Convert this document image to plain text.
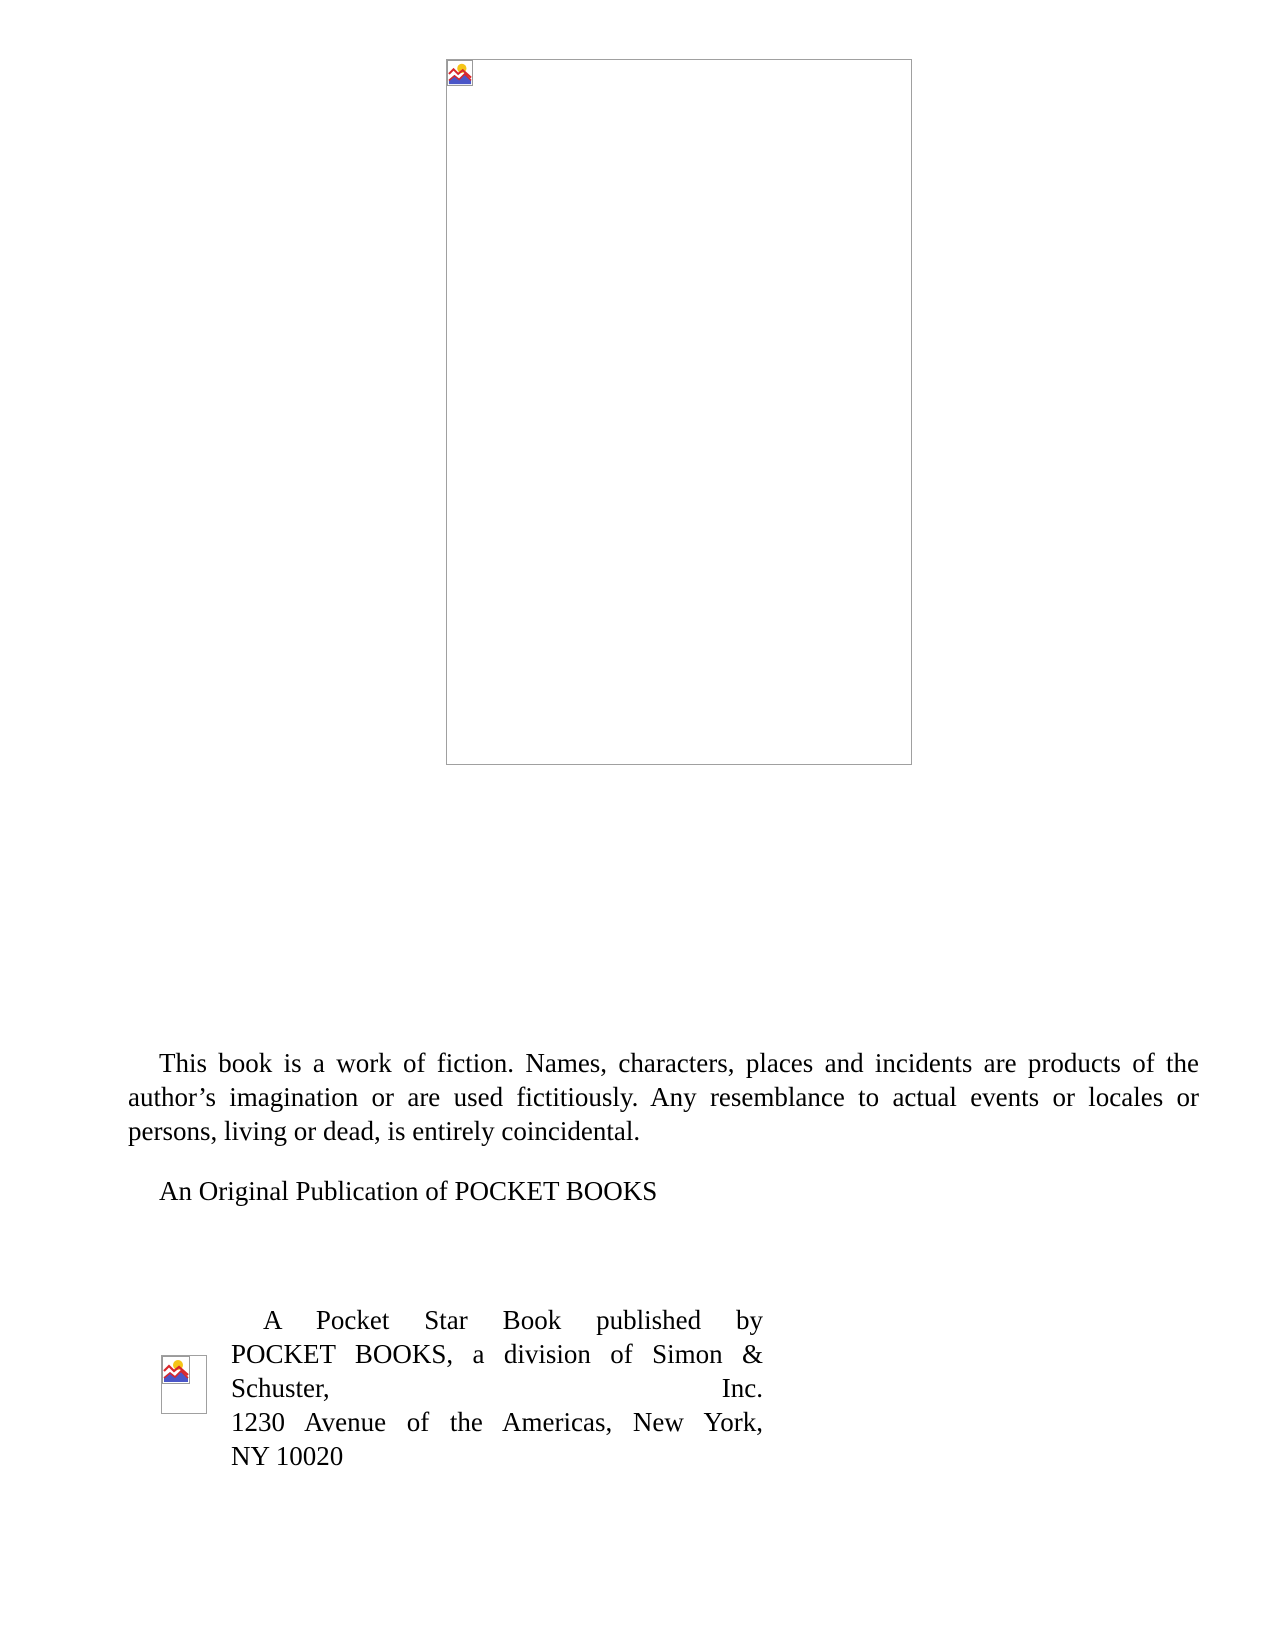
This book is a work of fiction. Names, characters, places and incidents are products of the author’s imagination or are used fictitiously. Any resemblance to actual events or locales or persons, living or dead, is entirely coincidental.

An Original Publication of POCKET BOOKS

A Pocket Star Book published by
POCKET BOOKS, a division of Simon &
Schuster, Inc.
1230 Avenue of the Americas, New York,
NY 10020
